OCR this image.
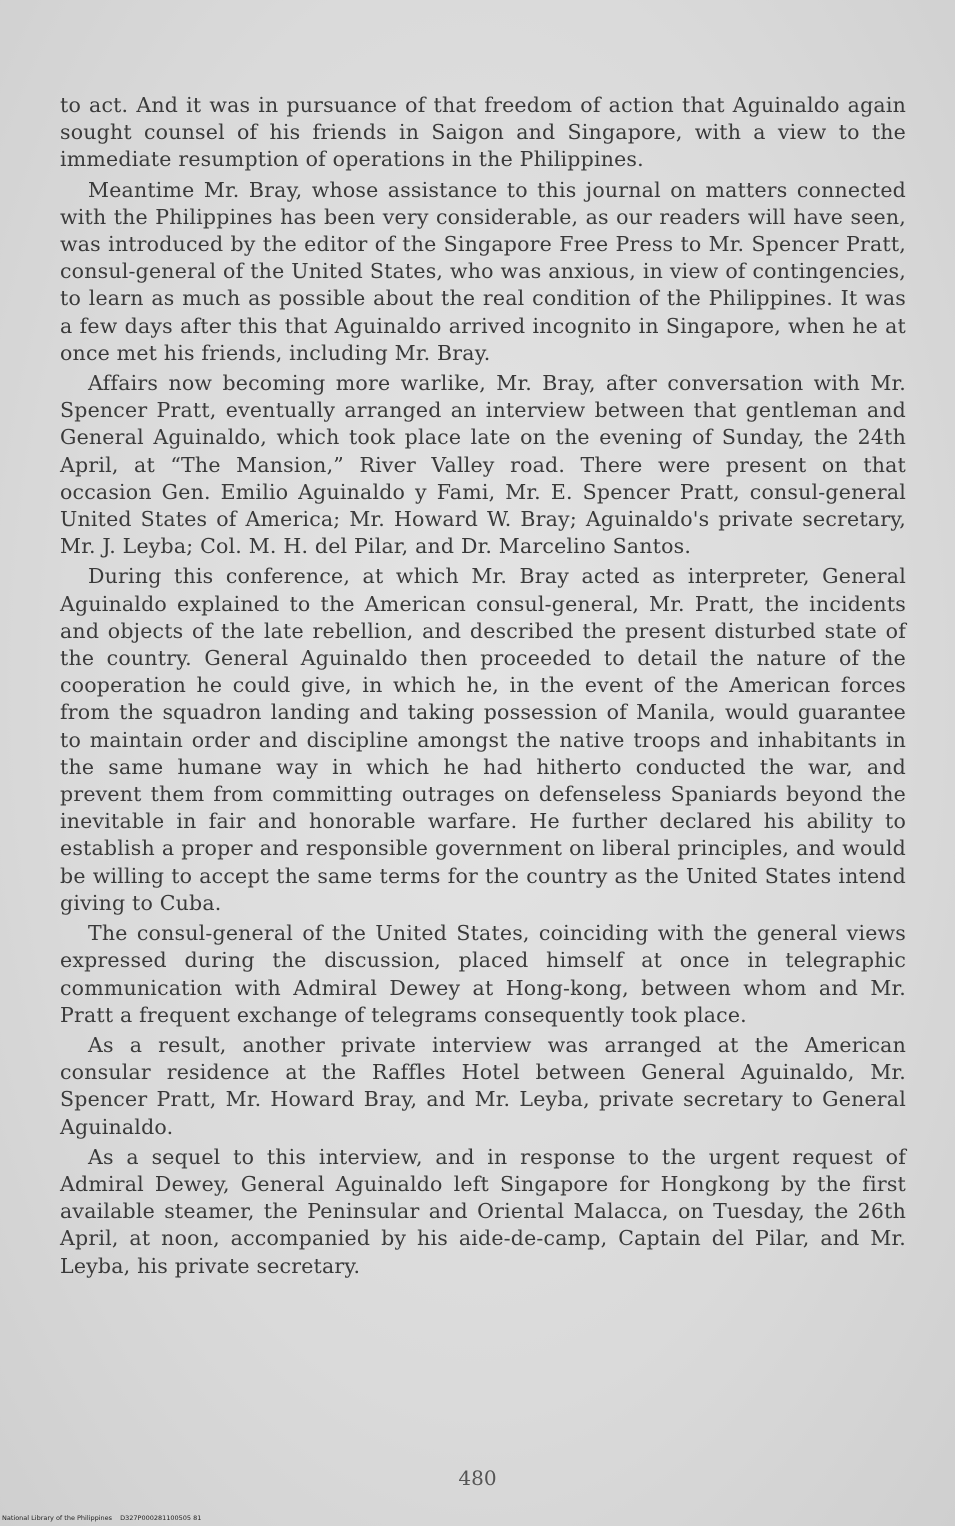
to act. And it was in pursuance of that freedom of action that Aguinaldo again sought counsel of his friends in Saigon and Singapore, with a view to the immediate resumption of operations in the Philippines.

Meantime Mr. Bray, whose assistance to this journal on matters connected with the Philippines has been very considerable, as our readers will have seen, was introduced by the editor of the Singapore Free Press to Mr. Spencer Pratt, consul-general of the United States, who was anxious, in view of contingencies, to learn as much as possible about the real condition of the Philippines. It was a few days after this that Aguinaldo arrived incognito in Singapore, when he at once met his friends, including Mr. Bray.

Affairs now becoming more warlike, Mr. Bray, after conversation with Mr. Spencer Pratt, eventually arranged an interview between that gentleman and General Aguinaldo, which took place late on the evening of Sunday, the 24th April, at “The Mansion,” River Valley road. There were present on that occasion Gen. Emilio Aguinaldo y Fami, Mr. E. Spencer Pratt, consul-general United States of America; Mr. Howard W. Bray; Aguinaldo's private secretary, Mr. J. Leyba; Col. M. H. del Pilar, and Dr. Marcelino Santos.

During this conference, at which Mr. Bray acted as interpreter, General Aguinaldo explained to the American consul-general, Mr. Pratt, the incidents and objects of the late rebellion, and described the present disturbed state of the country. General Aguinaldo then proceeded to detail the nature of the cooperation he could give, in which he, in the event of the American forces from the squadron landing and taking possession of Manila, would guarantee to maintain order and discipline amongst the native troops and inhabitants in the same humane way in which he had hitherto conducted the war, and prevent them from committing outrages on defenseless Spaniards beyond the inevitable in fair and honorable warfare. He further declared his ability to establish a proper and responsible government on liberal principles, and would be willing to accept the same terms for the country as the United States intend giving to Cuba.

The consul-general of the United States, coinciding with the general views expressed during the discussion, placed himself at once in telegraphic communication with Admiral Dewey at Hong-kong, between whom and Mr. Pratt a frequent exchange of telegrams consequently took place.

As a result, another private interview was arranged at the American consular residence at the Raffles Hotel between General Aguinaldo, Mr. Spencer Pratt, Mr. Howard Bray, and Mr. Leyba, private secretary to General Aguinaldo.

As a sequel to this interview, and in response to the urgent request of Admiral Dewey, General Aguinaldo left Singapore for Hongkong by the first available steamer, the Peninsular and Oriental Malacca, on Tuesday, the 26th April, at noon, accompanied by his aide-de-camp, Captain del Pilar, and Mr. Leyba, his private secretary.

480
National Library of the Philippines D327P000281100505 81
